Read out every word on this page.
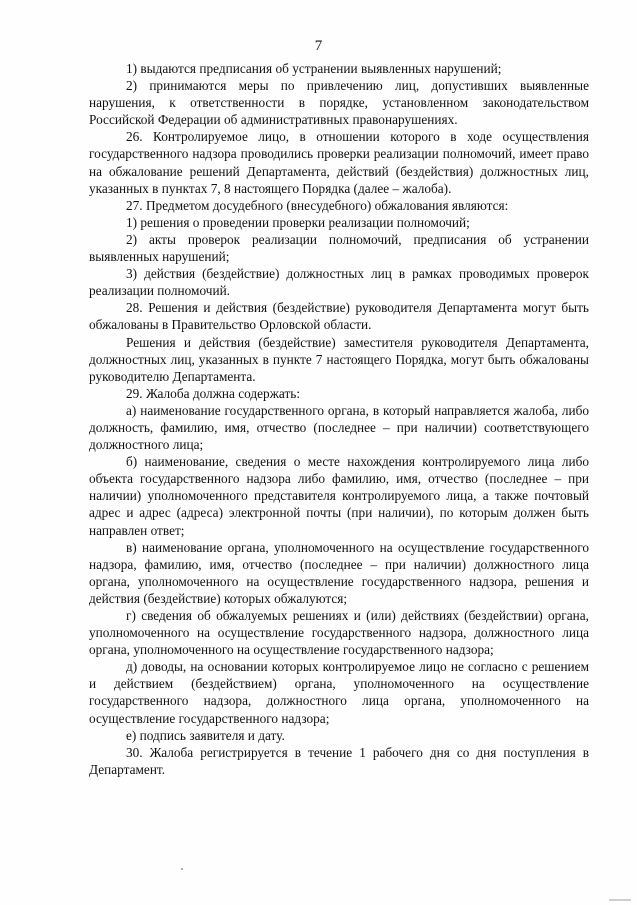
7

1) выдаются предписания об устранении выявленных нарушений;

2) принимаются меры по привлечению лиц, допустивших выявленные нарушения, к ответственности в порядке, установленном законодательством Российской Федерации об административных правонарушениях.

26. Контролируемое лицо, в отношении которого в ходе осуществления государственного надзора проводились проверки реализации полномочий, имеет право на обжалование решений Департамента, действий (бездействия) должностных лиц, указанных в пунктах 7, 8 настоящего Порядка (далее – жалоба).

27. Предметом досудебного (внесудебного) обжалования являются:

1) решения о проведении проверки реализации полномочий;

2) акты проверок реализации полномочий, предписания об устранении выявленных нарушений;

3) действия (бездействие) должностных лиц в рамках проводимых проверок реализации полномочий.

28. Решения и действия (бездействие) руководителя Департамента могут быть обжалованы в Правительство Орловской области.

Решения и действия (бездействие) заместителя руководителя Департамента, должностных лиц, указанных в пункте 7 настоящего Порядка, могут быть обжалованы руководителю Департамента.

29. Жалоба должна содержать:

а) наименование государственного органа, в который направляется жалоба, либо должность, фамилию, имя, отчество (последнее – при наличии) соответствующего должностного лица;

б) наименование, сведения о месте нахождения контролируемого лица либо объекта государственного надзора либо фамилию, имя, отчество (последнее – при наличии) уполномоченного представителя контролируемого лица, а также почтовый адрес и адрес (адреса) электронной почты (при наличии), по которым должен быть направлен ответ;

в) наименование органа, уполномоченного на осуществление государственного надзора, фамилию, имя, отчество (последнее – при наличии) должностного лица органа, уполномоченного на осуществление государственного надзора, решения и действия (бездействие) которых обжалуются;

г) сведения об обжалуемых решениях и (или) действиях (бездействии) органа, уполномоченного на осуществление государственного надзора, должностного лица органа, уполномоченного на осуществление государственного надзора;

д) доводы, на основании которых контролируемое лицо не согласно с решением и действием (бездействием) органа, уполномоченного на осуществление государственного надзора, должностного лица органа, уполномоченного на осуществление государственного надзора;

е) подпись заявителя и дату.

30. Жалоба регистрируется в течение 1 рабочего дня со дня поступления в Департамент.
